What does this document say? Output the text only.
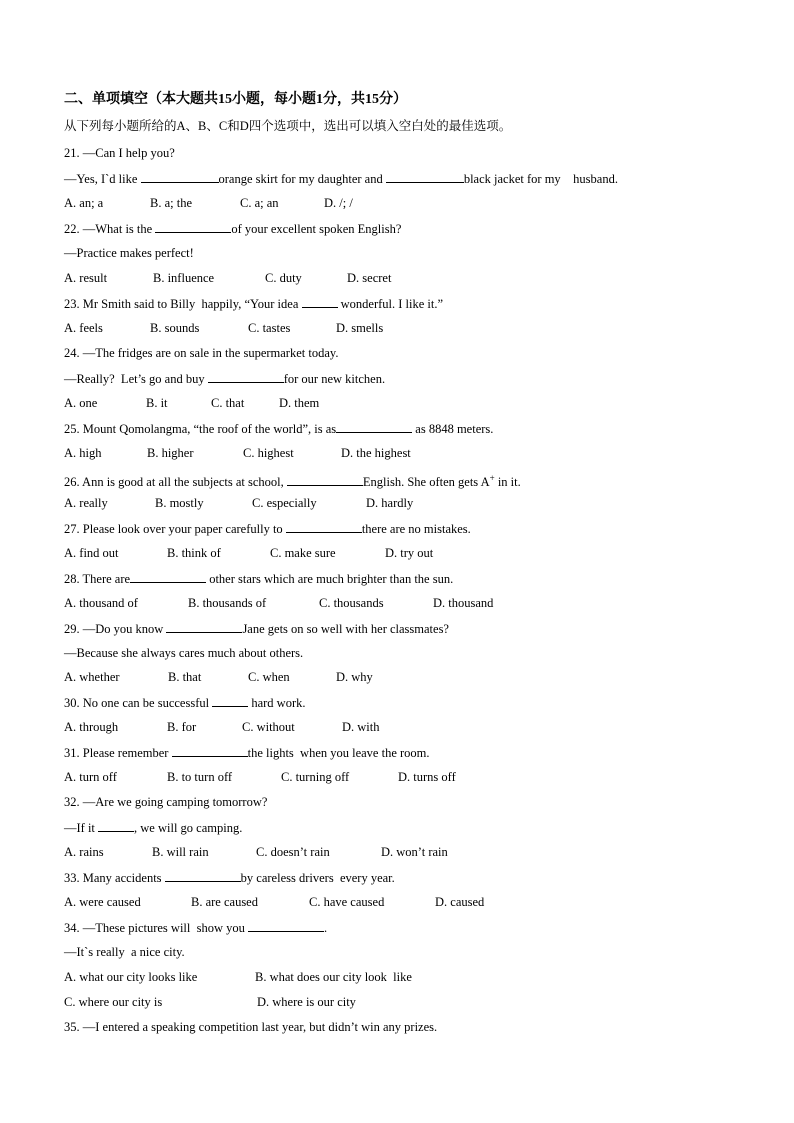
二、单项填空（本大题共15小题，每小题1分，共15分）
从下列每小题所给的A、B、C和D四个选项中，选出可以填入空白处的最佳选项。
21. —Can I help you?
—Yes, I`d like	orange skirt for my daughter and	black jacket for my    husband.
A. an; a	B. a; the	C. a; an	D. /; /
22. —What is the	of your excellent spoken English?
—Practice makes perfect!
A. result	B. influence	C. duty	D. secret
23. Mr Smith said to Billy  happily, “Your idea	wonderful. I like it.”
A. feels	B. sounds	C. tastes	D. smells
24. —The fridges are on sale in the supermarket today.
—Really?  Let’s go and buy	for our new kitchen.
A. one	B. it	C. that	D. them
25. Mount Qomolangma, “the roof of the world”, is as	as 8848 meters.
A. high	B. higher	C. highest	D. the highest
26. Ann is good at all the subjects at school,	English. She often gets A+ in it.
A. really	B. mostly	C. especially	D. hardly
27. Please look over your paper carefully to	there are no mistakes.
A. find out	B. think of	C. make sure	D. try out
28. There are	other stars which are much brighter than the sun.
A. thousand of	B. thousands of	C. thousands	D. thousand
29. —Do you know	Jane gets on so well with her classmates?
—Because she always cares much about others.
A. whether	B. that	C. when	D. why
30. No one can be successful	hard work.
A. through	B. for	C. without	D. with
31. Please remember	the lights  when you leave the room.
A. turn off	B. to turn off	C. turning off	D. turns off
32. —Are we going camping tomorrow?
—If it	, we will go camping.
A. rains	B. will rain	C. doesn’t rain	D. won’t rain
33. Many accidents	by careless drivers  every year.
A. were caused	B. are caused	C. have caused	D. caused
34. —These pictures will  show you	.
—It`s really  a nice city.
A. what our city looks like	B. what does our city look  like
C. where our city is	D. where is our city
35. —I entered a speaking competition last year, but didn’t win any prizes.
